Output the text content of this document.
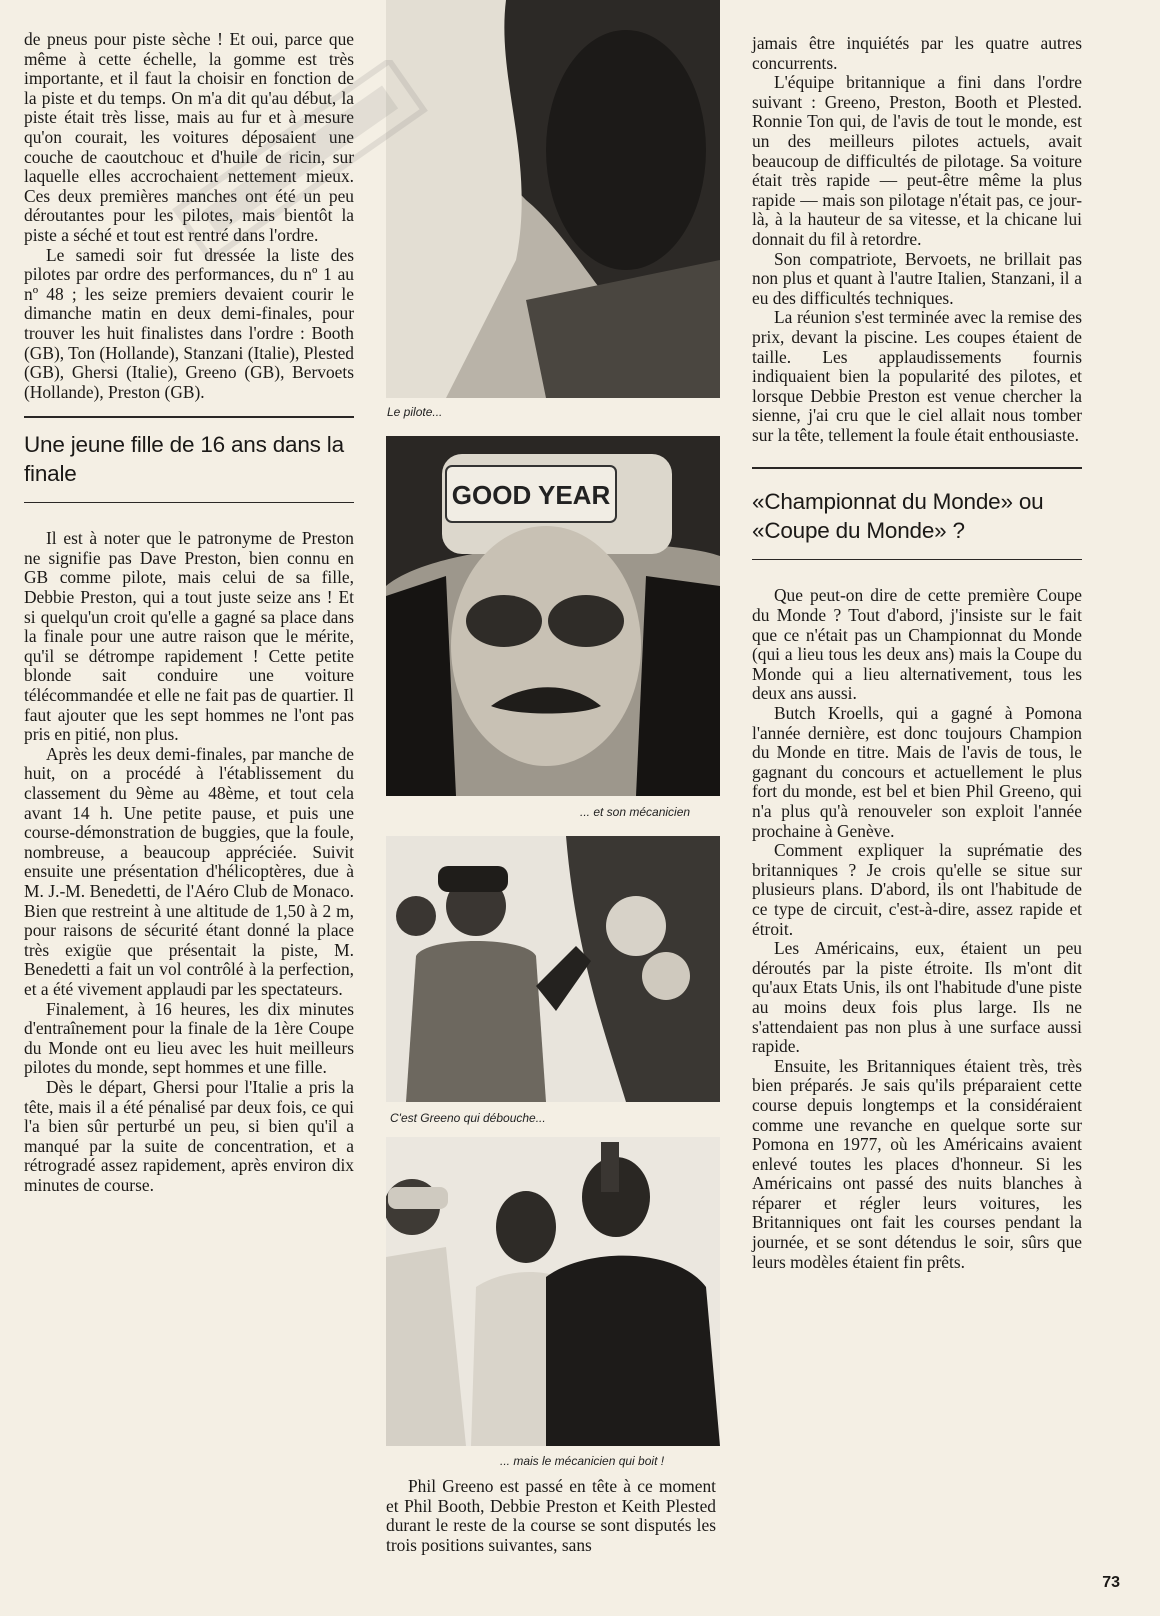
de pneus pour piste sèche ! Et oui, parce que même à cette échelle, la gomme est très importante, et il faut la choisir en fonction de la piste et du temps. On m'a dit qu'au début, la piste était très lisse, mais au fur et à mesure qu'on courait, les voitures déposaient une couche de caoutchouc et d'huile de ricin, sur laquelle elles accrochaient nettement mieux. Ces deux premières manches ont été un peu déroutantes pour les pilotes, mais bientôt la piste a séché et tout est rentré dans l'ordre.

Le samedi soir fut dressée la liste des pilotes par ordre des performances, du nº 1 au nº 48 ; les seize premiers devaient courir le dimanche matin en deux demi-finales, pour trouver les huit finalistes dans l'ordre : Booth (GB), Ton (Hollande), Stanzani (Italie), Plested (GB), Ghersi (Italie), Greeno (GB), Bervoets (Hollande), Preston (GB).

Une jeune fille de 16 ans dans la finale

Il est à noter que le patronyme de Preston ne signifie pas Dave Preston, bien connu en GB comme pilote, mais celui de sa fille, Debbie Preston, qui a tout juste seize ans ! Et si quelqu'un croit qu'elle a gagné sa place dans la finale pour une autre raison que le mérite, qu'il se détrompe rapidement ! Cette petite blonde sait conduire une voiture télécommandée et elle ne fait pas de quartier. Il faut ajouter que les sept hommes ne l'ont pas pris en pitié, non plus.

Après les deux demi-finales, par manche de huit, on a procédé à l'établissement du classement du 9ème au 48ème, et tout cela avant 14 h. Une petite pause, et puis une course-démonstration de buggies, que la foule, nombreuse, a beaucoup appréciée. Suivit ensuite une présentation d'hélicoptères, due à M. J.-M. Benedetti, de l'Aéro Club de Monaco. Bien que restreint à une altitude de 1,50 à 2 m, pour raisons de sécurité étant donné la place très exigüe que présentait la piste, M. Benedetti a fait un vol contrôlé à la perfection, et a été vivement applaudi par les spectateurs.

Finalement, à 16 heures, les dix minutes d'entraînement pour la finale de la 1ère Coupe du Monde ont eu lieu avec les huit meilleurs pilotes du monde, sept hommes et une fille.

Dès le départ, Ghersi pour l'Italie a pris la tête, mais il a été pénalisé par deux fois, ce qui l'a bien sûr perturbé un peu, si bien qu'il a manqué par la suite de concentration, et a rétrogradé assez rapidement, après environ dix minutes de course.

Le pilote...
GOOD YEAR
... et son mécanicien
C'est Greeno qui débouche...
... mais le mécanicien qui boit !

Phil Greeno est passé en tête à ce moment et Phil Booth, Debbie Preston et Keith Plested durant le reste de la course se sont disputés les trois positions suivantes, sans

jamais être inquiétés par les quatre autres concurrents.

L'équipe britannique a fini dans l'ordre suivant : Greeno, Preston, Booth et Plested. Ronnie Ton qui, de l'avis de tout le monde, est un des meilleurs pilotes actuels, avait beaucoup de difficultés de pilotage. Sa voiture était très rapide — peut-être même la plus rapide — mais son pilotage n'était pas, ce jour-là, à la hauteur de sa vitesse, et la chicane lui donnait du fil à retordre.

Son compatriote, Bervoets, ne brillait pas non plus et quant à l'autre Italien, Stanzani, il a eu des difficultés techniques.

La réunion s'est terminée avec la remise des prix, devant la piscine. Les coupes étaient de taille. Les applaudissements fournis indiquaient bien la popularité des pilotes, et lorsque Debbie Preston est venue chercher la sienne, j'ai cru que le ciel allait nous tomber sur la tête, tellement la foule était enthousiaste.

«Championnat du Monde» ou «Coupe du Monde» ?

Que peut-on dire de cette première Coupe du Monde ? Tout d'abord, j'insiste sur le fait que ce n'était pas un Championnat du Monde (qui a lieu tous les deux ans) mais la Coupe du Monde qui a lieu alternativement, tous les deux ans aussi.

Butch Kroells, qui a gagné à Pomona l'année dernière, est donc toujours Champion du Monde en titre. Mais de l'avis de tous, le gagnant du concours et actuellement le plus fort du monde, est bel et bien Phil Greeno, qui n'a plus qu'à renouveler son exploit l'année prochaine à Genève.

Comment expliquer la suprématie des britanniques ? Je crois qu'elle se situe sur plusieurs plans. D'abord, ils ont l'habitude de ce type de circuit, c'est-à-dire, assez rapide et étroit.

Les Américains, eux, étaient un peu déroutés par la piste étroite. Ils m'ont dit qu'aux Etats Unis, ils ont l'habitude d'une piste au moins deux fois plus large. Ils ne s'attendaient pas non plus à une surface aussi rapide.

Ensuite, les Britanniques étaient très, très bien préparés. Je sais qu'ils préparaient cette course depuis longtemps et la considéraient comme une revanche en quelque sorte sur Pomona en 1977, où les Américains avaient enlevé toutes les places d'honneur. Si les Américains ont passé des nuits blanches à réparer et régler leurs voitures, les Britanniques ont fait les courses pendant la journée, et se sont détendus le soir, sûrs que leurs modèles étaient fin prêts.

73
